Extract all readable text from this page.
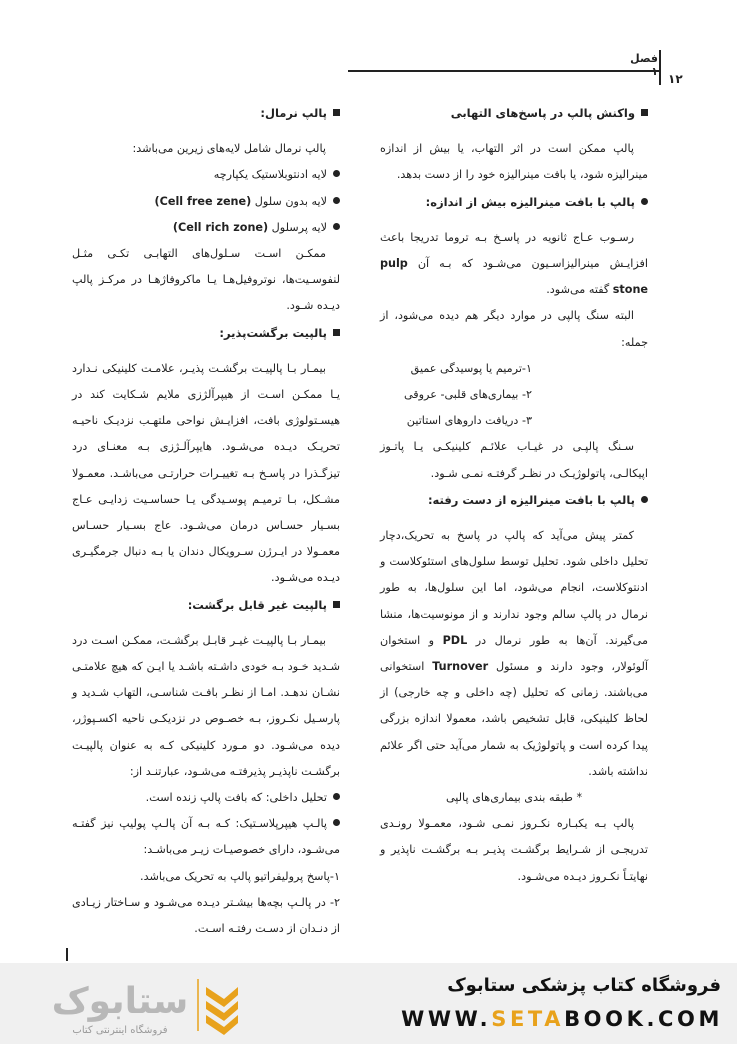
فصل
۱۲
واکنش پالپ در پاسخ‌های التهابی

پالپ ممکن است در اثر التهاب، یا بیش از اندازه مینرالیزه شود، یا بافت مینرالیزه خود را از دست بدهد.

پالپ با بافت مینرالیزه بیش از اندازه:

رسـوب عـاج ثانویه در پاسـخ بـه تروما تدریجا باعث افزایـش مینرالیزاسـیون می‌شـود که بـه آن pulp stone گفته می‌شود.

البته سنگ پالپی در موارد دیگر هم دیده می‌شود، از جمله:

۱-ترمیم یا پوسیدگی عمیق

۲- بیماری‌های قلبی- عروقی

۳- دریافت داروهای استاتین

سـنگ پالپـی در غیـاب علائـم کلینیکـی یـا پاتـوز اپیکالـی، پاتولوژیـک در نظـر گرفتـه نمـی شـود.

پالپ با بافت مینرالیزه از دست رفته:

کمتر پیش می‌آید که پالپ در پاسخ به تحریک،دچار تحلیل داخلی شود. تحلیل توسط سلول‌های استئوکلاست و ادنتوکلاست، انجام می‌شود، اما این سلول‌ها، به طور نرمال در پالپ سالم وجود ندارند و از مونوسیت‌ها، منشا می‌گیرند. آن‌ها به طور نرمال در PDL و استخوان آلوئولار، وجود دارند و مسئول Turnover استخوانی می‌باشند. زمانی که تحلیل (چه داخلی و چه خارجی) از لحاظ کلینیکی، قابل تشخیص باشد، معمولا اندازه بزرگی پیدا کرده است و پاتولوژیک به شمار می‌آید حتی اگر علائم نداشته باشد.

* طبقه بندی بیماری‌های پالپی

پالپ بـه یکبـاره نکـروز نمـی شـود، معمـولا رونـدی تدریجـی از شـرایط برگشـت پذیـر بـه برگشـت ناپذیر و نهایتـاً نکـروز دیـده می‌شـود.

پالپ نرمال:

پالپ نرمال شامل لایه‌های زیرین می‌باشد:

لایه ادنتوبلاستیک یکپارچه

لایه بدون سلول (Cell free zene)

لایه پرسلول (Cell rich zone)

ممکـن اسـت سـلول‌های التهابـی تکـی مثـل لنفوسـیت‌ها، نوتروفیل‌هـا یـا ماکروفاژهـا در مرکـز پالپ دیـده شـود.

پالپیت برگشت‌پذیر:

بیمـار بـا پالپیـت برگشـت پذیـر، علامـت کلینیکی نـدارد یـا ممکـن اسـت از هیپرآلژزی ملایم شـکایت کند در هیسـتولوژی بافت، افزایـش نواحی ملتهـب نزدیـک ناحیـه تحریـک دیـده می‌شـود. هایپرآلـژزی بـه معنـای درد تیزگـذرا در پاسـخ بـه تغییـرات حرارتـی می‌باشـد. معمـولا مشـکل، بـا ترمیـم پوسـیدگی یـا حساسـیت زدایـی عـاج بسـیار حسـاس درمان می‌شـود. عاج بسـیار حسـاس معمـولا در ایـرژن سـرویکال دندان یا بـه دنبال جرمگیـری دیـده می‌شـود.

پالپیت غیر قابل برگشت:

بیمـار بـا پالپیـت غیـر قابـل برگشـت، ممکـن اسـت درد شـدید خـود بـه خودی داشـته باشـد یا ایـن که هیچ علامتـی نشـان ندهـد. امـا از نظـر بافـت شناسـی، التهاب شـدید و پارسـیل نکـروز، بـه خصـوص در نزدیکـی ناحیه اکسـپوژر، دیده می‌شـود. دو مـورد کلینیکی کـه به عنوان پالپیـت برگشـت ناپذیـر پذیرفتـه می‌شـود، عبارتنـد از:

تحلیل داخلی: که بافت پالپ زنده است.

پالـپ هیپرپلاسـتیک: کـه بـه آن پالـپ پولیپ نیز گفتـه می‌شـود، دارای خصوصیـات زیـر می‌باشـد:

۱-پاسخ پرولیفراتیو پالپ به تحریک می‌باشد.

۲- در پالـپ بچه‌ها بیشـتر دیـده می‌شـود و سـاختار زیـادی از دنـدان از دسـت رفتـه اسـت.

ستابوک
فروشگاه اینترنتی کتاب
فروشگاه کتاب پزشکی ستابوک
WWW.SETABOOK.COM
